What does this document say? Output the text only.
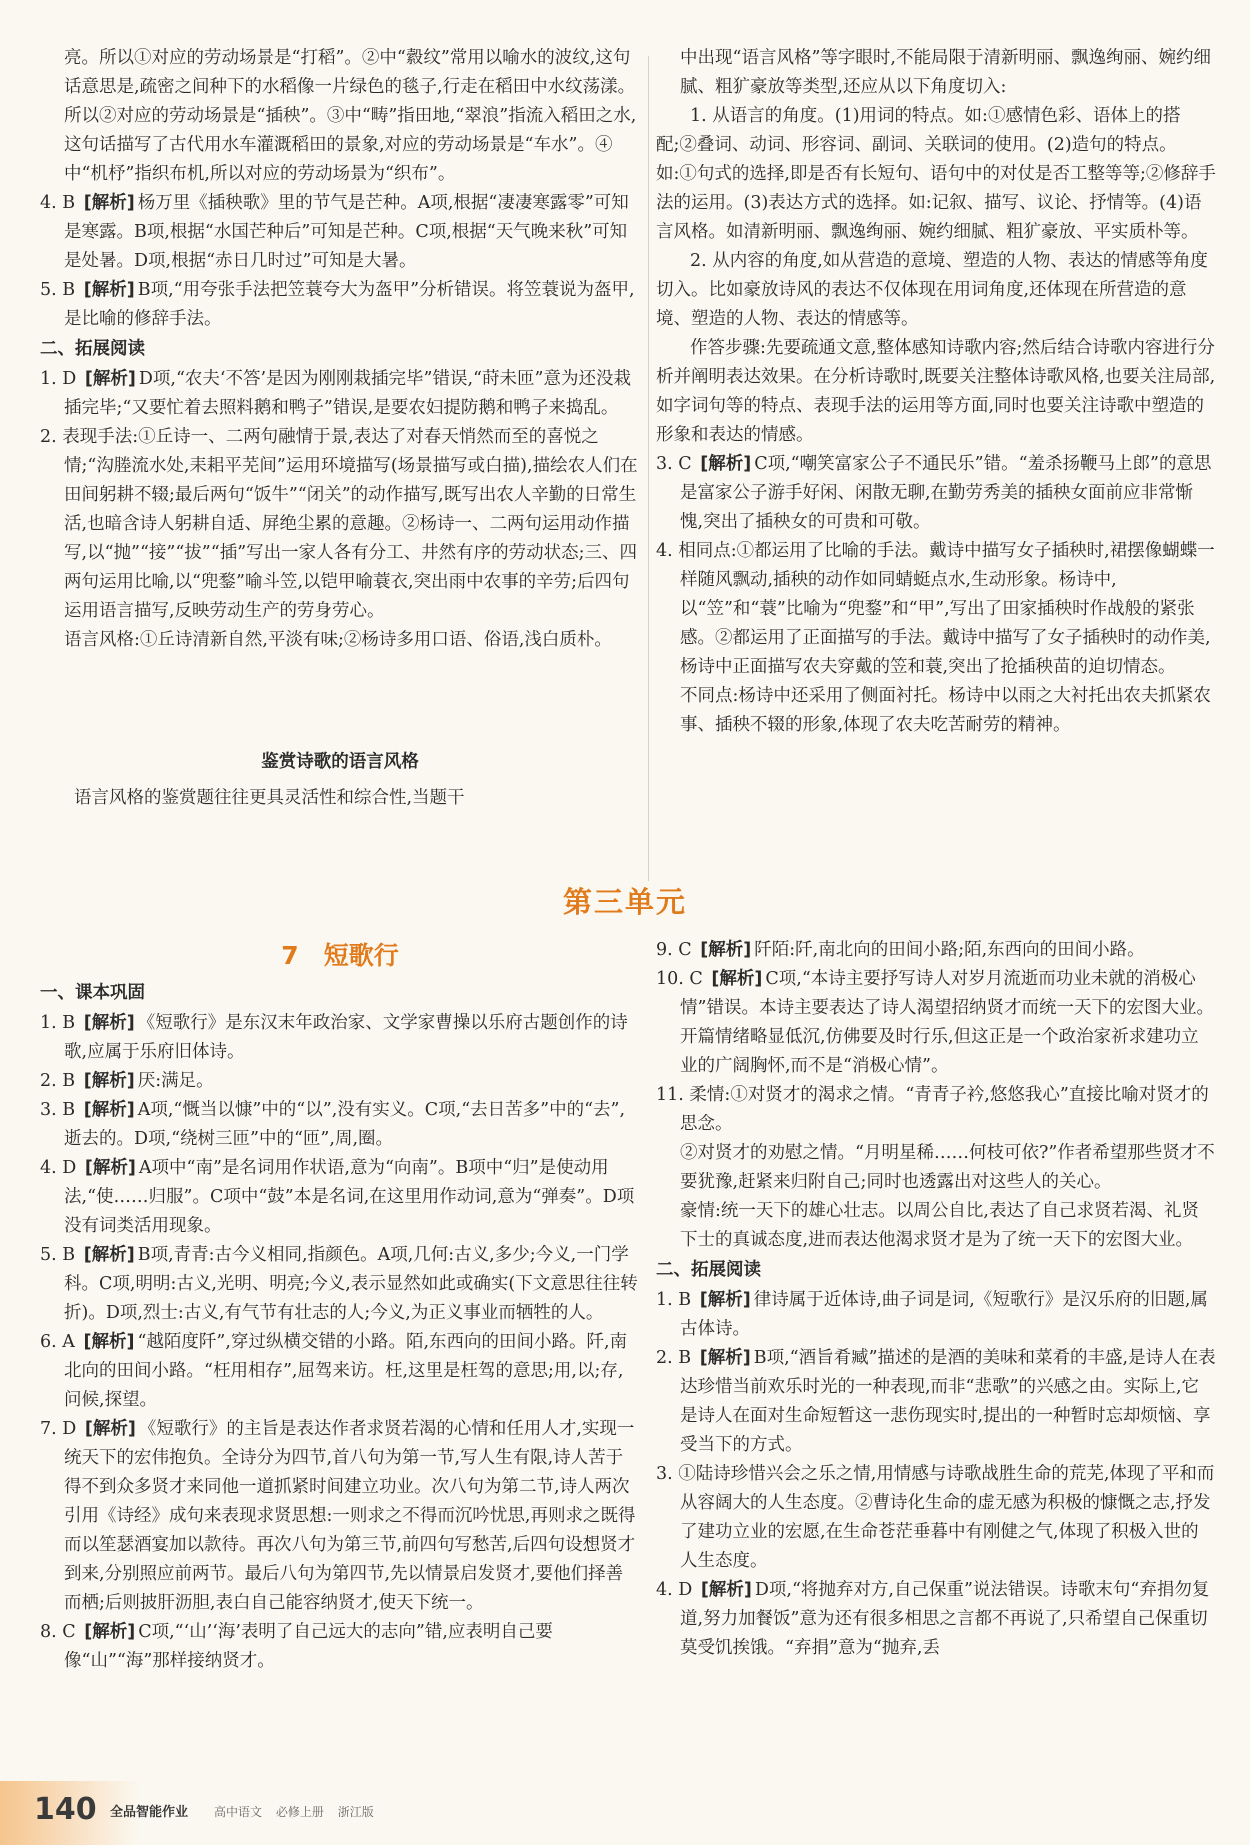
亮。所以①对应的劳动场景是“打稻”。②中“縠纹”常用以喻水的波纹,这句话意思是,疏密之间种下的水稻像一片绿色的毯子,行走在稻田中水纹荡漾。所以②对应的劳动场景是“插秧”。③中“畴”指田地,“翠浪”指流入稻田之水,这句话描写了古代用水车灌溉稻田的景象,对应的劳动场景是“车水”。④中“机杼”指织布机,所以对应的劳动场景为“织布”。

4. B [解析] 杨万里《插秧歌》里的节气是芒种。A项,根据“凄凄寒露零”可知是寒露。B项,根据“水国芒种后”可知是芒种。C项,根据“天气晚来秋”可知是处暑。D项,根据“赤日几时过”可知是大暑。

5. B [解析] B项,“用夸张手法把笠蓑夸大为盔甲”分析错误。将笠蓑说为盔甲,是比喻的修辞手法。

二、拓展阅读

1. D [解析] D项,“农夫‘不答’是因为刚刚栽插完毕”错误,“莳未匝”意为还没栽插完毕;“又要忙着去照料鹅和鸭子”错误,是要农妇提防鹅和鸭子来捣乱。

2. 表现手法:①丘诗一、二两句融情于景,表达了对春天悄然而至的喜悦之情;“沟塍流水处,耒耜平芜间”运用环境描写(场景描写或白描),描绘农人们在田间躬耕不辍;最后两句“饭牛”“闭关”的动作描写,既写出农人辛勤的日常生活,也暗含诗人躬耕自适、屏绝尘累的意趣。②杨诗一、二两句运用动作描写,以“抛”“接”“拔”“插”写出一家人各有分工、井然有序的劳动状态;三、四两句运用比喻,以“兜鍪”喻斗笠,以铠甲喻蓑衣,突出雨中农事的辛劳;后四句运用语言描写,反映劳动生产的劳身劳心。

语言风格:①丘诗清新自然,平淡有味;②杨诗多用口语、俗语,浅白质朴。

鉴赏诗歌的语言风格

语言风格的鉴赏题往往更具灵活性和综合性,当题干

中出现“语言风格”等字眼时,不能局限于清新明丽、飘逸绚丽、婉约细腻、粗犷豪放等类型,还应从以下角度切入:

1. 从语言的角度。(1)用词的特点。如:①感情色彩、语体上的搭配;②叠词、动词、形容词、副词、关联词的使用。(2)造句的特点。如:①句式的选择,即是否有长短句、语句中的对仗是否工整等等;②修辞手法的运用。(3)表达方式的选择。如:记叙、描写、议论、抒情等。(4)语言风格。如清新明丽、飘逸绚丽、婉约细腻、粗犷豪放、平实质朴等。

2. 从内容的角度,如从营造的意境、塑造的人物、表达的情感等角度切入。比如豪放诗风的表达不仅体现在用词角度,还体现在所营造的意境、塑造的人物、表达的情感等。

作答步骤:先要疏通文意,整体感知诗歌内容;然后结合诗歌内容进行分析并阐明表达效果。在分析诗歌时,既要关注整体诗歌风格,也要关注局部,如字词句等的特点、表现手法的运用等方面,同时也要关注诗歌中塑造的形象和表达的情感。

3. C [解析] C项,“嘲笑富家公子不通民乐”错。“羞杀扬鞭马上郎”的意思是富家公子游手好闲、闲散无聊,在勤劳秀美的插秧女面前应非常惭愧,突出了插秧女的可贵和可敬。

4. 相同点:①都运用了比喻的手法。戴诗中描写女子插秧时,裙摆像蝴蝶一样随风飘动,插秧的动作如同蜻蜓点水,生动形象。杨诗中,以“笠”和“蓑”比喻为“兜鍪”和“甲”,写出了田家插秧时作战般的紧张感。②都运用了正面描写的手法。戴诗中描写了女子插秧时的动作美,杨诗中正面描写农夫穿戴的笠和蓑,突出了抢插秧苗的迫切情态。

不同点:杨诗中还采用了侧面衬托。杨诗中以雨之大衬托出农夫抓紧农事、插秧不辍的形象,体现了农夫吃苦耐劳的精神。

第三单元
7　短歌行

一、课本巩固

1. B [解析] 《短歌行》是东汉末年政治家、文学家曹操以乐府古题创作的诗歌,应属于乐府旧体诗。

2. B [解析] 厌:满足。

3. B [解析] A项,“慨当以慷”中的“以”,没有实义。C项,“去日苦多”中的“去”,逝去的。D项,“绕树三匝”中的“匝”,周,圈。

4. D [解析] A项中“南”是名词用作状语,意为“向南”。B项中“归”是使动用法,“使……归服”。C项中“鼓”本是名词,在这里用作动词,意为“弹奏”。D项没有词类活用现象。

5. B [解析] B项,青青:古今义相同,指颜色。A项,几何:古义,多少;今义,一门学科。C项,明明:古义,光明、明亮;今义,表示显然如此或确实(下文意思往往转折)。D项,烈士:古义,有气节有壮志的人;今义,为正义事业而牺牲的人。

6. A [解析] “越陌度阡”,穿过纵横交错的小路。陌,东西向的田间小路。阡,南北向的田间小路。“枉用相存”,屈驾来访。枉,这里是枉驾的意思;用,以;存,问候,探望。

7. D [解析] 《短歌行》的主旨是表达作者求贤若渴的心情和任用人才,实现一统天下的宏伟抱负。全诗分为四节,首八句为第一节,写人生有限,诗人苦于得不到众多贤才来同他一道抓紧时间建立功业。次八句为第二节,诗人两次引用《诗经》成句来表现求贤思想:一则求之不得而沉吟忧思,再则求之既得而以笙瑟酒宴加以款待。再次八句为第三节,前四句写愁苦,后四句设想贤才到来,分别照应前两节。最后八句为第四节,先以情景启发贤才,要他们择善而栖;后则披肝沥胆,表白自己能容纳贤才,使天下统一。

8. C [解析] C项,“‘山’‘海’表明了自己远大的志向”错,应表明自己要像“山”“海”那样接纳贤才。

9. C [解析] 阡陌:阡,南北向的田间小路;陌,东西向的田间小路。

10. C [解析] C项,“本诗主要抒写诗人对岁月流逝而功业未就的消极心情”错误。本诗主要表达了诗人渴望招纳贤才而统一天下的宏图大业。开篇情绪略显低沉,仿佛要及时行乐,但这正是一个政治家祈求建功立业的广阔胸怀,而不是“消极心情”。

11. 柔情:①对贤才的渴求之情。“青青子衿,悠悠我心”直接比喻对贤才的思念。

②对贤才的劝慰之情。“月明星稀……何枝可依?”作者希望那些贤才不要犹豫,赶紧来归附自己;同时也透露出对这些人的关心。

豪情:统一天下的雄心壮志。以周公自比,表达了自己求贤若渴、礼贤下士的真诚态度,进而表达他渴求贤才是为了统一天下的宏图大业。

二、拓展阅读

1. B [解析] 律诗属于近体诗,曲子词是词,《短歌行》是汉乐府的旧题,属古体诗。

2. B [解析] B项,“酒旨肴臧”描述的是酒的美味和菜肴的丰盛,是诗人在表达珍惜当前欢乐时光的一种表现,而非“悲歌”的兴感之由。实际上,它是诗人在面对生命短暂这一悲伤现实时,提出的一种暂时忘却烦恼、享受当下的方式。

3. ①陆诗珍惜兴会之乐之情,用情感与诗歌战胜生命的荒芜,体现了平和而从容阔大的人生态度。②曹诗化生命的虚无感为积极的慷慨之志,抒发了建功立业的宏愿,在生命苍茫垂暮中有刚健之气,体现了积极入世的人生态度。

4. D [解析] D项,“将抛弃对方,自己保重”说法错误。诗歌末句“弃捐勿复道,努力加餐饭”意为还有很多相思之言都不再说了,只希望自己保重切莫受饥挨饿。“弃捐”意为“抛弃,丢

140 全品智能作业 高中语文 必修上册 浙江版
